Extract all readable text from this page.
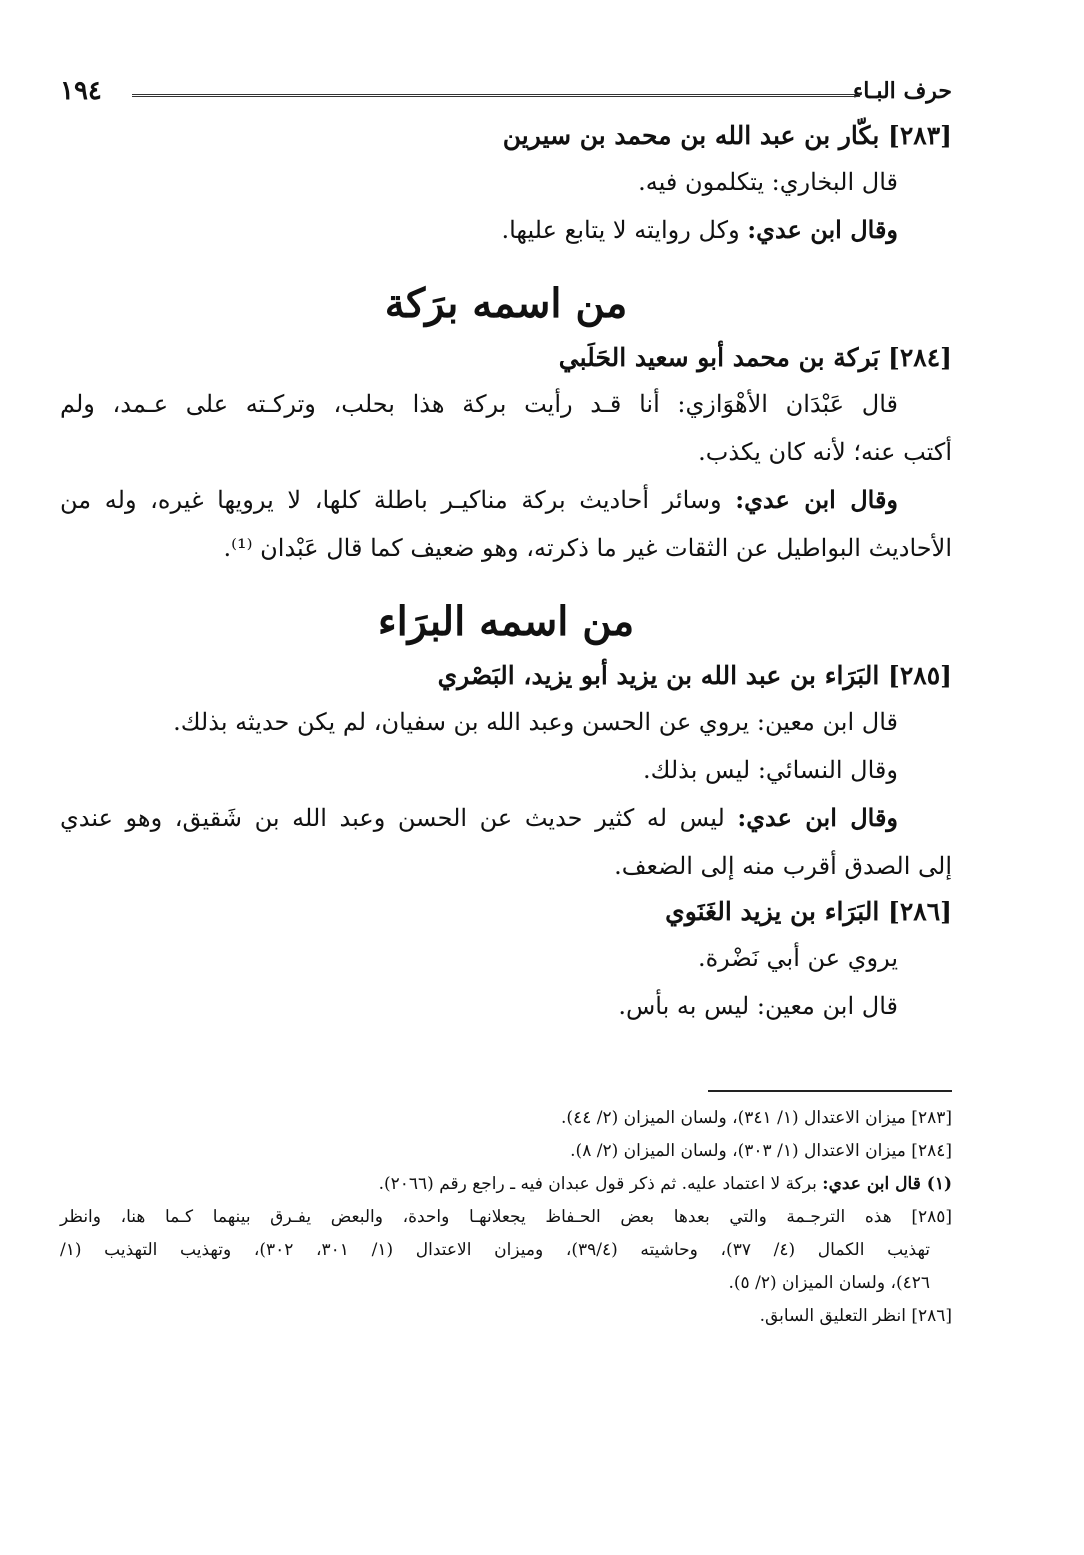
حرف البـاء
١٩٤
[٢٨٣] بكّار بن عبد الله بن محمد بن سيرين
قال البخاري: يتكلمون فيه.
وقال ابن عدي: وكل روايته لا يتابع عليها.
من اسمه برَكة
[٢٨٤] بَركة بن محمد أبو سعيد الحَلَبي
قال عَبْدَان الأهْوَازي: أنا قـد رأيت بركة هذا بحلب، وتركـته على عـمد، ولم
أكتب عنه؛ لأنه كان يكذب.
وقال ابن عدي: وسائر أحاديث بركة مناكيـر باطلة كلها، لا يرويها غيره، وله من
الأحاديث البواطيل عن الثقات غير ما ذكرته، وهو ضعيف كما قال عَبْدان ⁽¹⁾.
من اسمه البرَاء
[٢٨٥] البَرَاء بن عبد الله بن يزيد أبو يزيد، البَصْري
قال ابن معين: يروي عن الحسن وعبد الله بن سفيان، لم يكن حديثه بذلك.
وقال النسائي: ليس بذلك.
وقال ابن عدي: ليس له كثير حديث عن الحسن وعبد الله بن شَقيق، وهو عندي
إلى الصدق أقرب منه إلى الضعف.
[٢٨٦] البَرَاء بن يزيد الغَنَوي
يروي عن أبي نَضْرة.
قال ابن معين: ليس به بأس.
[٢٨٣] ميزان الاعتدال (١/ ٣٤١)، ولسان الميزان (٢/ ٤٤).
[٢٨٤] ميزان الاعتدال (١/ ٣٠٣)، ولسان الميزان (٢/ ٨).
(١) قال ابن عدي: بركة لا اعتماد عليه. ثم ذكر قول عبدان فيه ـ راجع رقم (٢٠٦٦).
[٢٨٥] هذه الترجـمة والتي بعدها بعض الحـفاظ يجعلانهـا واحدة، والبعض يفـرق بينهما كـما هنا، وانظر
تهذيب الكمال (٤/ ٣٧)، وحاشيته (٣٩/٤)، وميزان الاعتدال (١/ ٣٠١، ٣٠٢)، وتهذيب التهذيب (١/
٤٢٦)، ولسان الميزان (٢/ ٥).
[٢٨٦] انظر التعليق السابق.
